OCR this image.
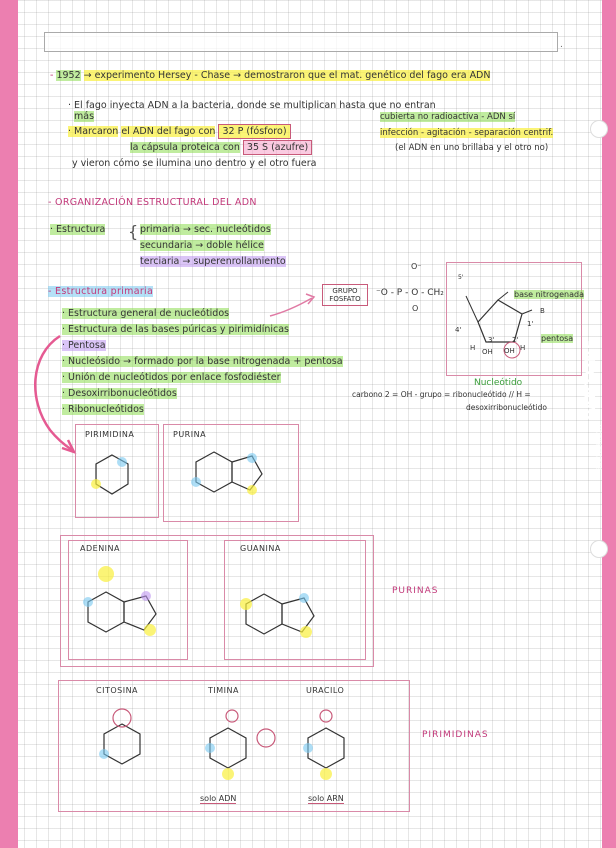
PANTONE
ESCOLOFI.COM
.
- 1952 → experimento Hersey - Chase → demostraron que el mat. genético del fago era ADN
· El fago inyecta ADN a la bacteria, donde se multiplican hasta que no entran
más
· Marcaron el ADN del fago con 32 P (fósforo)
cubierta no radioactiva - ADN sí
infección - agitación - separación centrif.
la cápsula proteica con 35 S (azufre)	(el ADN en uno brillaba y el otro no)
y vieron cómo se ilumina uno dentro y el otro fuera
- ORGANIZACIÓN ESTRUCTURAL DEL ADN
· Estructura { primaria → sec. nucleótidos
secundaria → doble hélice
terciaria → superenrollamiento
- Estructura primaria
· Estructura general de nucleótidos
· Estructura de las bases púricas y pirimidínicas
· Pentosa
· Nucleósido → formado por la base nitrogenada + pentosa
· Unión de nucleótidos por enlace fosfodiéster
· Desoxirribonucleótidos
· Ribonucleótidos
GRUPO FOSFATO
O⁻
⁻O - P - O - CH₂
O
5'
4'
1'
3'	2'
H	H
OH OH
B
base nitrogenada
pentosa
Nucleótido
carbono 2 = OH - grupo = ribonucleótido // H =
desoxirribonucleótido
PIRIMIDINA	PURINA
ADENINA	GUANINA
PURINAS
CITOSINA	TIMINA	URACILO
PIRIMIDINAS
solo ADN	solo ARN
